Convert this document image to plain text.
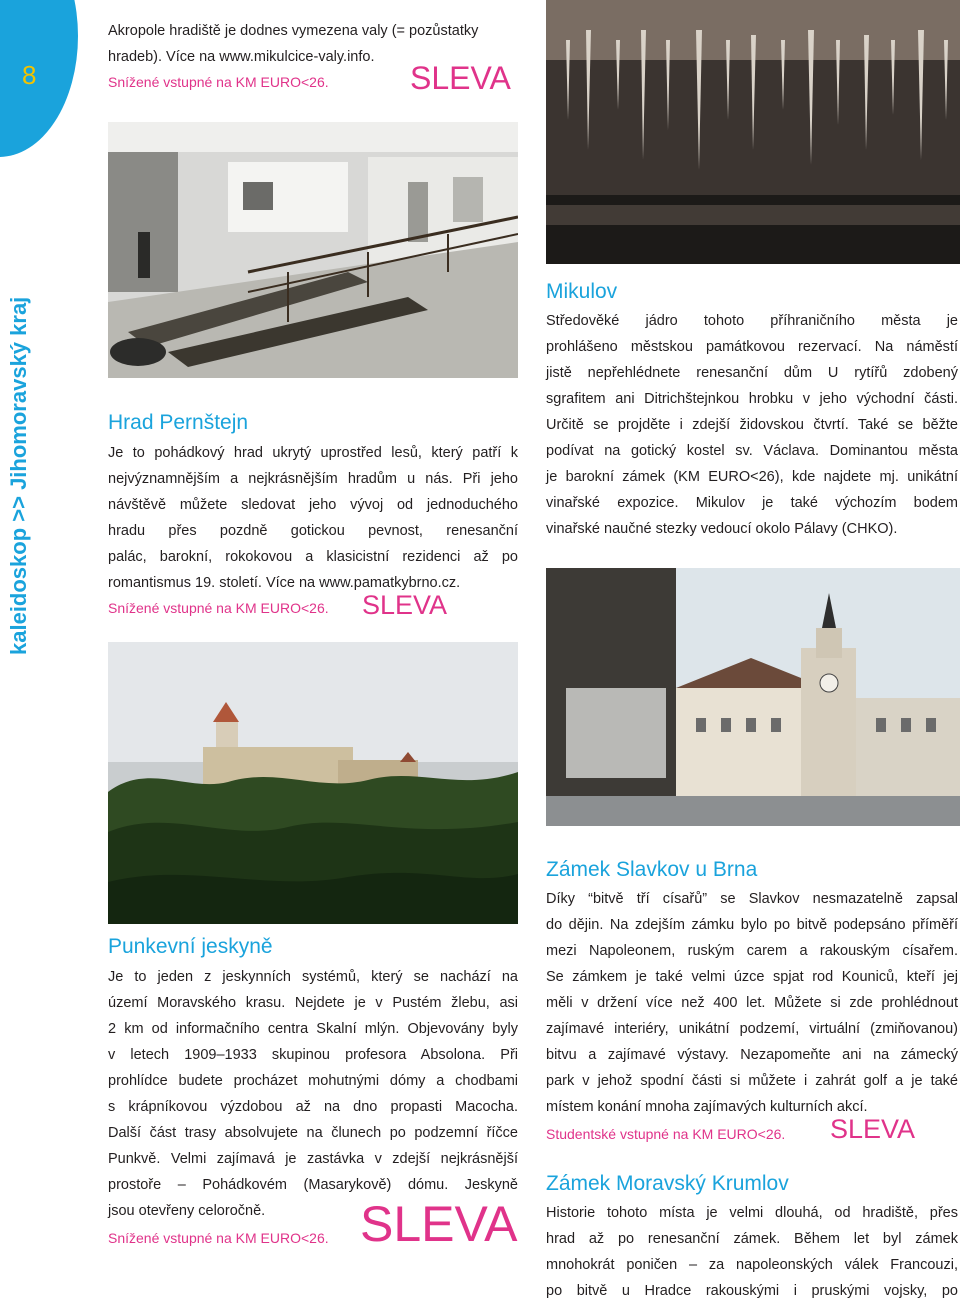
8
kaleidoskop >> Jihomoravský kraj
Akropole hradiště je dodnes vymezena valy (= pozůstatky
hradeb). Více na www.mikulcice-valy.info.
Snížené vstupné na KM EURO<26.	SLEVA
Hrad Pernštejn
Je to pohádkový hrad ukrytý uprostřed lesů, který patří k
nejvýznamnějším a nejkrásnějším hradům u nás. Při jeho
návštěvě můžete sledovat jeho vývoj od jednoduchého
hradu přes pozdně gotickou pevnost, renesanční
palác, barokní, rokokovou a klasicistní rezidenci až po
romantismus 19. století. Více na www.pamatkybrno.cz.
Snížené vstupné na KM EURO<26. SLEVA
Punkevní jeskyně
Je to jeden z jeskynních systémů, který se nachází na
území Moravského krasu. Nejdete je v Pustém žlebu, asi
2 km od informačního centra Skalní mlýn. Objevovány byly
v letech 1909–1933 skupinou profesora Absolona. Při
prohlídce budete procházet mohutnými dómy a chodbami
s krápníkovou výzdobou až na dno propasti Macocha.
Další část trasy absolvujete na člunech po podzemní říčce
Punkvě. Velmi zajímavá je zastávka v zdejší nejkrásnější
prostoře – Pohádkovém (Masarykově) dómu. Jeskyně
jsou otevřeny celoročně.
Snížené vstupné na KM EURO<26. SLEVA
Mikulov
Středověké jádro tohoto příhraničního města je
prohlášeno městskou památkovou rezervací. Na náměstí
jistě nepřehlédnete renesanční dům U rytířů zdobený
sgrafitem ani Ditrichštejnkou hrobku v jeho východní části.
Určitě se projděte i zdejší židovskou čtvrtí. Také se běžte
podívat na gotický kostel sv. Václava. Dominantou města
je barokní zámek (KM EURO<26), kde najdete mj. unikátní
vinařské expozice. Mikulov je také výchozím bodem
vinařské naučné stezky vedoucí okolo Pálavy (CHKO).
Zámek Slavkov u Brna
Díky “bitvě tří císařů” se Slavkov nesmazatelně zapsal
do dějin. Na zdejším zámku bylo po bitvě podepsáno příměří
mezi Napoleonem, ruským carem a rakouským císařem.
Se zámkem je také velmi úzce spjat rod Kouniců, kteří jej
měli v držení více než 400 let. Můžete si zde prohlédnout
zajímavé interiéry, unikátní podzemí, virtuální (zmiňovanou)
bitvu a zajímavé výstavy. Nezapomeňte ani na zámecký
park v jehož spodní části si můžete i zahrát golf a je také
místem konání mnoha zajímavých kulturních akcí.
Studentské vstupné na KM EURO<26. SLEVA
Zámek Moravský Krumlov
Historie tohoto místa je velmi dlouhá, od hradiště, přes
hrad až po renesanční zámek. Během let byl zámek
mnohokrát poničen – za napoleonských válek Francouzi,
po bitvě u Hradce rakouskými i pruskými vojsky, po
